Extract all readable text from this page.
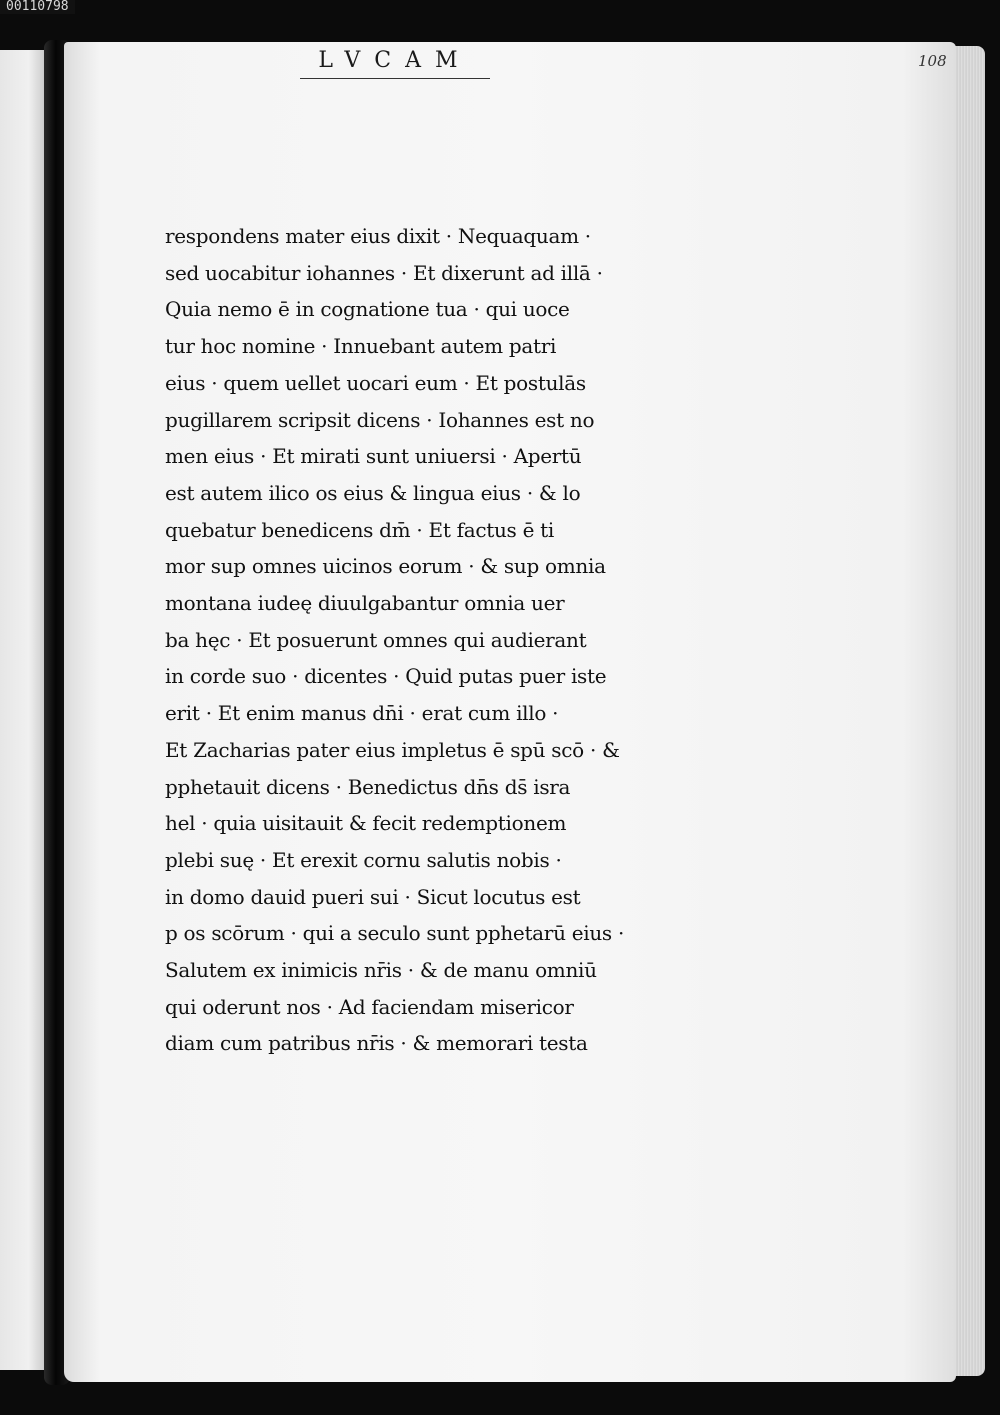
00110798
LVCAM	108
respondens mater eius dixit · Nequaquam ·
sed uocabitur iohannes · Et dixerunt ad illā ·
Quia nemo ē in cognatione tua · qui uoce
tur hoc nomine · Innuebant autem patri
eius · quem uellet uocari eum · Et postulās
pugillarem scripsit dicens · Iohannes est no
men eius · Et mirati sunt uniuersi · Apertū
est autem ilico os eius & lingua eius · & lo
quebatur benedicens dm̄ · Et factus ē ti
mor sup omnes uicinos eorum · & sup omnia
montana iudeę diuulgabantur omnia uer
ba hęc · Et posuerunt omnes qui audierant
in corde suo · dicentes · Quid putas puer iste
erit · Et enim manus dn̄i · erat cum illo ·
Et Zacharias pater eius impletus ē spū scō · &
pphetauit dicens · Benedictus dn̄s ds̄ isra
hel · quia uisitauit & fecit redemptionem
plebi suę · Et erexit cornu salutis nobis ·
in domo dauid pueri sui · Sicut locutus est
p os scōrum · qui a seculo sunt pphetarū eius ·
Salutem ex inimicis nr̄is · & de manu omniū
qui oderunt nos · Ad faciendam misericor
diam cum patribus nr̄is · & memorari testa
